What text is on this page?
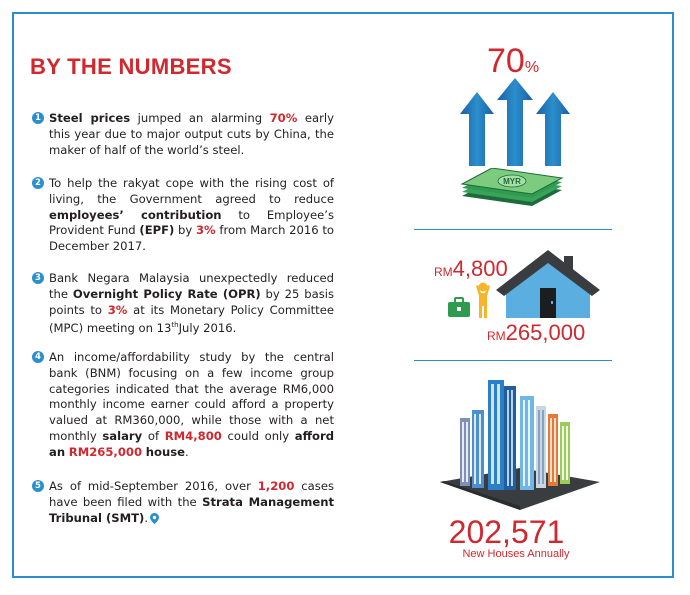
BY THE NUMBERS
1 Steel prices jumped an alarming 70% early this year due to major output cuts by China, the maker of half of the world’s steel.
2 To help the rakyat cope with the rising cost of living, the Government agreed to reduce employees’ contribution to Employee’s Provident Fund (EPF) by 3% from March 2016 to December 2017.
3 Bank Negara Malaysia unexpectedly reduced the Overnight Policy Rate (OPR) by 25 basis points to 3% at its Monetary Policy Committee (MPC) meeting on 13thJuly 2016.
4 An income/affordability study by the central bank (BNM) focusing on a few income group categories indicated that the average RM6,000 monthly income earner could afford a property valued at RM360,000, while those with a net monthly salary of RM4,800 could only afford an RM265,000 house.
5 As of mid-September 2016, over 1,200 cases have been filed with the Strata Management Tribunal (SMT).
70%
MYR
RM4,800
RM265,000
202,571
New Houses Annually
